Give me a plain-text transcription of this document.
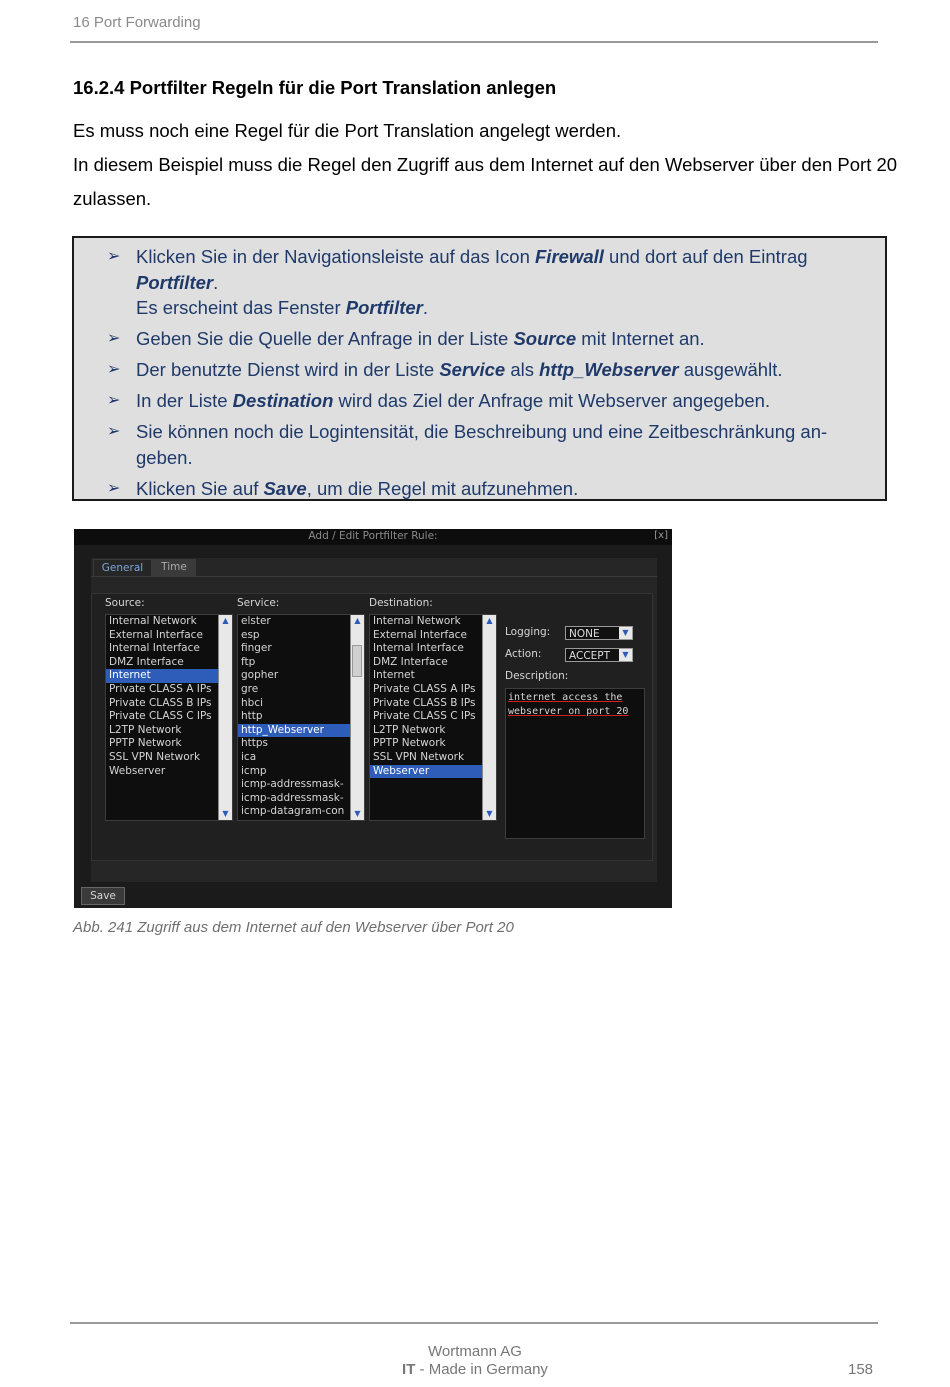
16 Port Forwarding
16.2.4 Portfilter Regeln für die Port Translation anlegen
Es muss noch eine Regel für die Port Translation angelegt werden.
In diesem Beispiel muss die Regel den Zugriff aus dem Internet auf den Webserver über den Port 20 zulassen.
➢ Klicken Sie in der Navigationsleiste auf das Icon Firewall und dort auf den Eintrag
Portfilter.
Es erscheint das Fenster Portfilter.
➢ Geben Sie die Quelle der Anfrage in der Liste Source mit Internet an.
➢ Der benutzte Dienst wird in der Liste Service als http_Webserver ausgewählt.
➢ In der Liste Destination wird das Ziel der Anfrage mit Webserver angegeben.
➢ Sie können noch die Logintensität, die Beschreibung und eine Zeitbeschränkung an-geben.
➢ Klicken Sie auf Save, um die Regel mit aufzunehmen.
Add / Edit Portfilter Rule:	[x]
General	Time
Source:	Service:	Destination:
Internal Network
External Interface
Internal Interface
DMZ Interface
Internet
Private CLASS A IPs
Private CLASS B IPs
Private CLASS C IPs
L2TP Network
PPTP Network
SSL VPN Network
Webserver
▲
▼
elster
esp
finger
ftp
gopher
gre
hbci
http
http_Webserver
https
ica
icmp
icmp-addressmask-
icmp-addressmask-
icmp-datagram-con
▲
▼
Internal Network
External Interface
Internal Interface
DMZ Interface
Internet
Private CLASS A IPs
Private CLASS B IPs
Private CLASS C IPs
L2TP Network
PPTP Network
SSL VPN Network
Webserver
▲
▼
Logging:	NONE	▼
Action:	ACCEPT	▼
Description:
internet access the
webserver on port 20
Save
Abb. 241 Zugriff aus dem Internet auf den Webserver über Port 20
Wortmann AG
IT - Made in Germany	158
